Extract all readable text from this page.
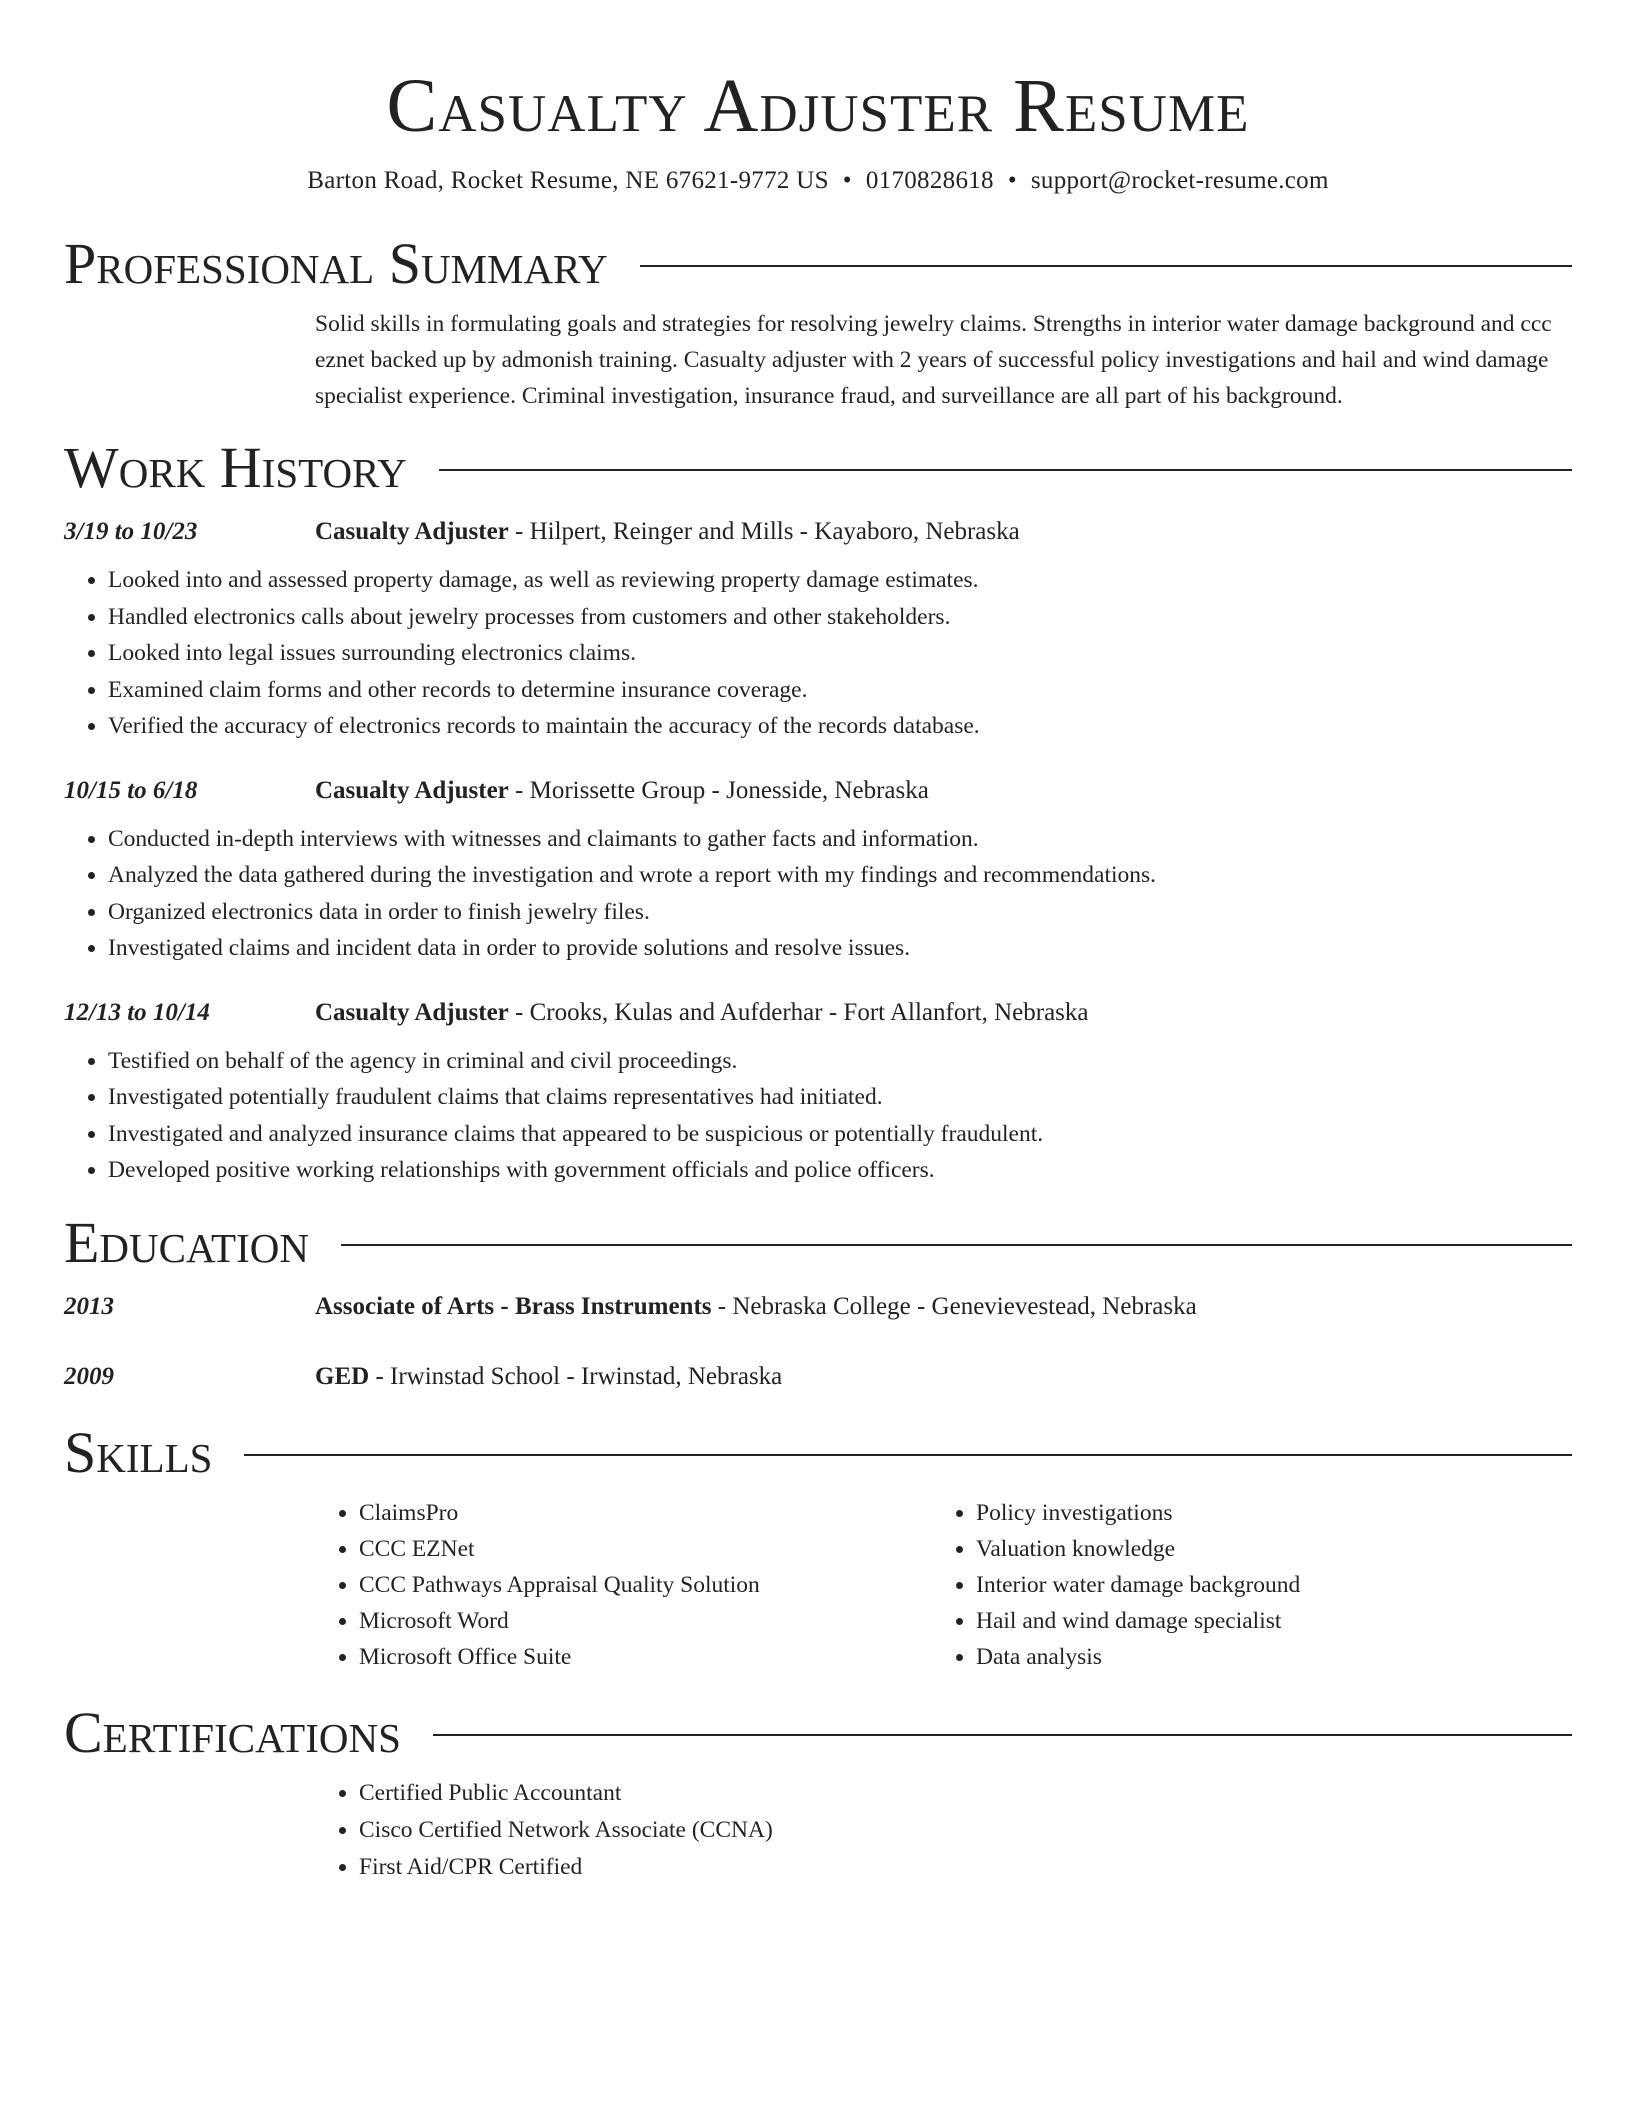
Casualty Adjuster Resume
Barton Road, Rocket Resume, NE 67621-9772 US • 0170828618 • support@rocket-resume.com
Professional Summary
Solid skills in formulating goals and strategies for resolving jewelry claims. Strengths in interior water damage background and ccc eznet backed up by admonish training. Casualty adjuster with 2 years of successful policy investigations and hail and wind damage specialist experience. Criminal investigation, insurance fraud, and surveillance are all part of his background.
Work History
3/19 to 10/23	Casualty Adjuster - Hilpert, Reinger and Mills - Kayaboro, Nebraska
• Looked into and assessed property damage, as well as reviewing property damage estimates.
• Handled electronics calls about jewelry processes from customers and other stakeholders.
• Looked into legal issues surrounding electronics claims.
• Examined claim forms and other records to determine insurance coverage.
• Verified the accuracy of electronics records to maintain the accuracy of the records database.
10/15 to 6/18	Casualty Adjuster - Morissette Group - Jonesside, Nebraska
• Conducted in-depth interviews with witnesses and claimants to gather facts and information.
• Analyzed the data gathered during the investigation and wrote a report with my findings and recommendations.
• Organized electronics data in order to finish jewelry files.
• Investigated claims and incident data in order to provide solutions and resolve issues.
12/13 to 10/14	Casualty Adjuster - Crooks, Kulas and Aufderhar - Fort Allanfort, Nebraska
• Testified on behalf of the agency in criminal and civil proceedings.
• Investigated potentially fraudulent claims that claims representatives had initiated.
• Investigated and analyzed insurance claims that appeared to be suspicious or potentially fraudulent.
• Developed positive working relationships with government officials and police officers.
Education
2013	Associate of Arts - Brass Instruments - Nebraska College - Genevievestead, Nebraska
2009	GED - Irwinstad School - Irwinstad, Nebraska
Skills
• ClaimsPro
• CCC EZNet
• CCC Pathways Appraisal Quality Solution
• Microsoft Word
• Microsoft Office Suite
• Policy investigations
• Valuation knowledge
• Interior water damage background
• Hail and wind damage specialist
• Data analysis
Certifications
• Certified Public Accountant
• Cisco Certified Network Associate (CCNA)
• First Aid/CPR Certified
